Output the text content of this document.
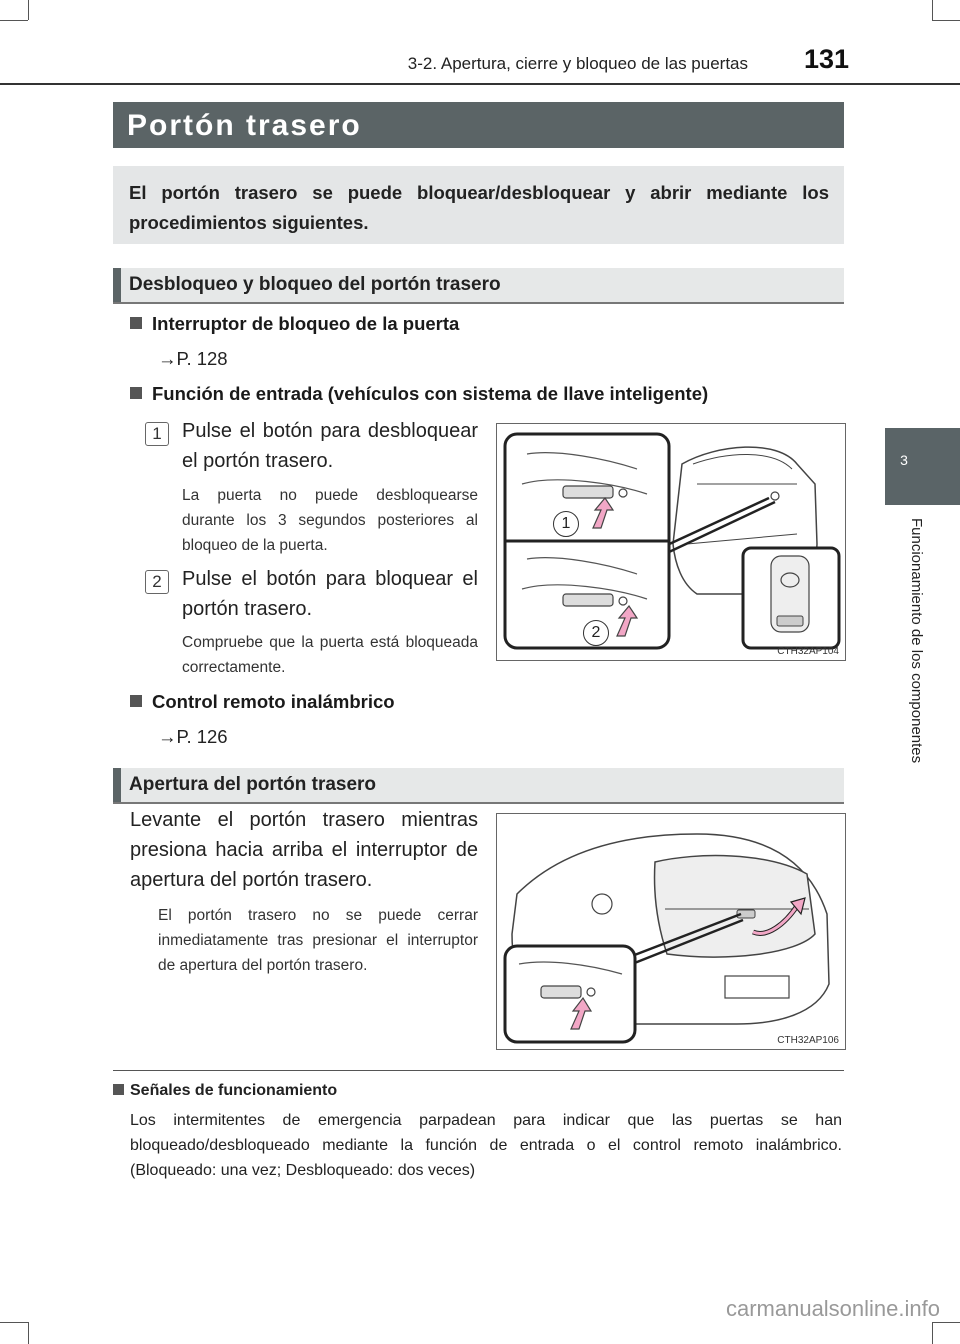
3-2. Apertura, cierre y bloqueo de las puertas 131
3
Funcionamiento de los componentes
Portón trasero
El portón trasero se puede bloquear/desbloquear y abrir mediante los procedimientos siguientes.
Desbloqueo y bloqueo del portón trasero
Interruptor de bloqueo de la puerta
→P. 128
Función de entrada (vehículos con sistema de llave inteligente)
1	Pulse el botón para desbloquear el portón trasero.
La puerta no puede desbloquearse durante los 3 segundos posteriores al bloqueo de la puerta.
2	Pulse el botón para bloquear el portón trasero.
Compruebe que la puerta está bloqueada correctamente.
Control remoto inalámbrico
→P. 126
1
2
CTH32AP104
Apertura del portón trasero
Levante el portón trasero mientras presiona hacia arriba el interruptor de apertura del portón trasero.
El portón trasero no se puede cerrar inmediatamente tras presionar el interruptor de apertura del portón trasero.
CTH32AP106
Señales de funcionamiento
Los intermitentes de emergencia parpadean para indicar que las puertas se han bloqueado/desbloqueado mediante la función de entrada o el control remoto inalámbrico. (Bloqueado: una vez; Desbloqueado: dos veces)
carmanualsonline.info
